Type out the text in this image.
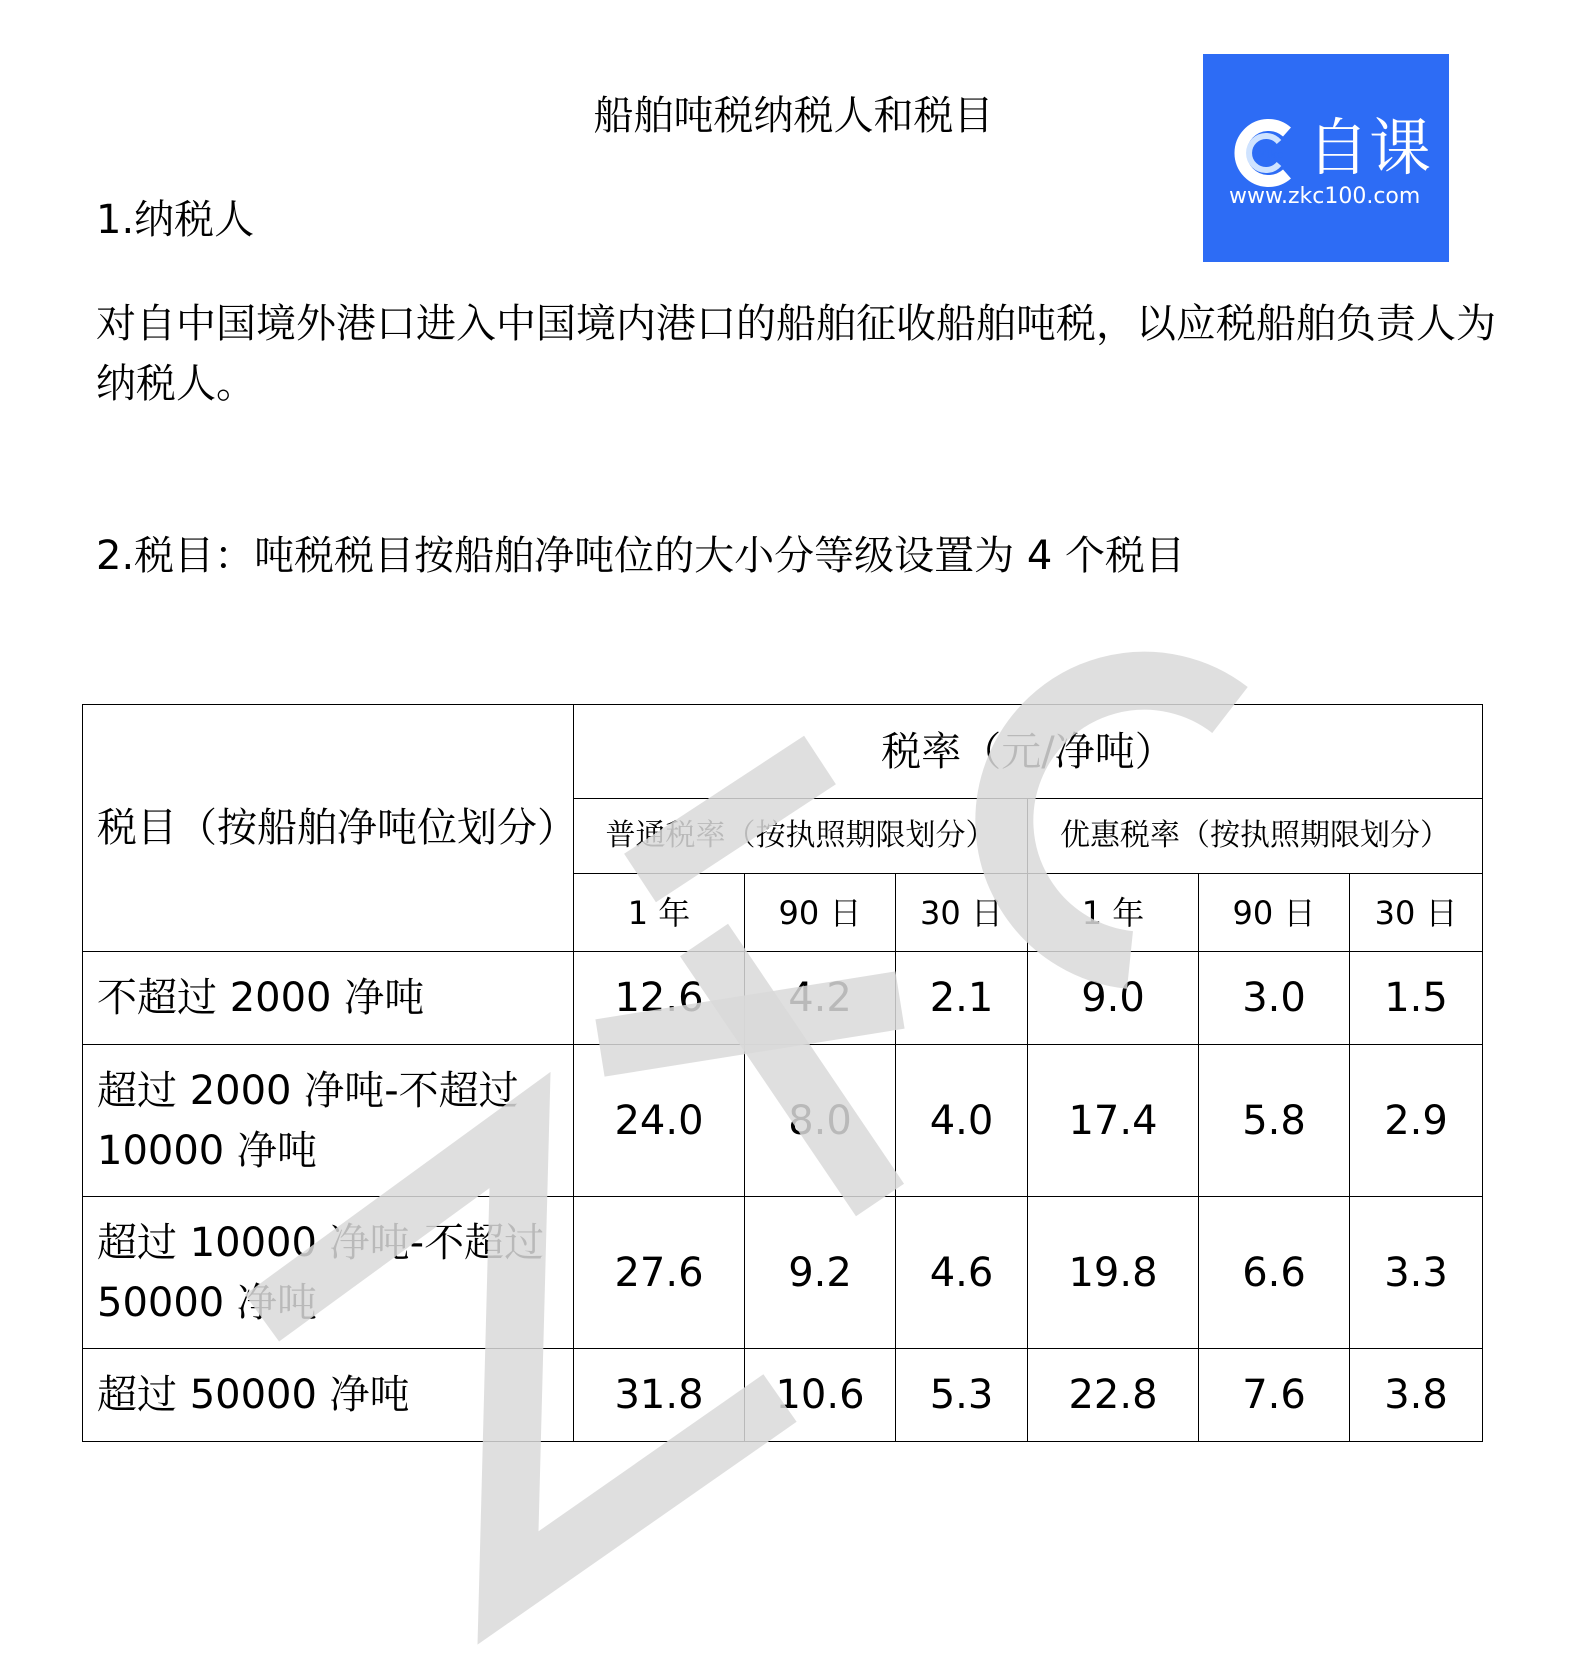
船舶吨税纳税人和税目
Zike 自课
www.zkc100.com
1.纳税人
对自中国境外港口进入中国境内港口的船舶征收船舶吨税，以应税船舶负责人为纳税人。
2.税目：吨税税目按船舶净吨位的大小分等级设置为 4 个税目
税目（按船舶净吨位划分）	税率（元/净吨）					
	普通税率（按执照期限划分）			优惠税率（按执照期限划分）		
	1 年	90 日	30 日	1 年	90 日	30 日
不超过 2000 净吨	12.6	4.2	2.1	9.0	3.0	1.5
超过 2000 净吨-不超过 10000 净吨	24.0	8.0	4.0	17.4	5.8	2.9
超过 10000 净吨-不超过 50000 净吨	27.6	9.2	4.6	19.8	6.6	3.3
超过 50000 净吨	31.8	10.6	5.3	22.8	7.6	3.8
